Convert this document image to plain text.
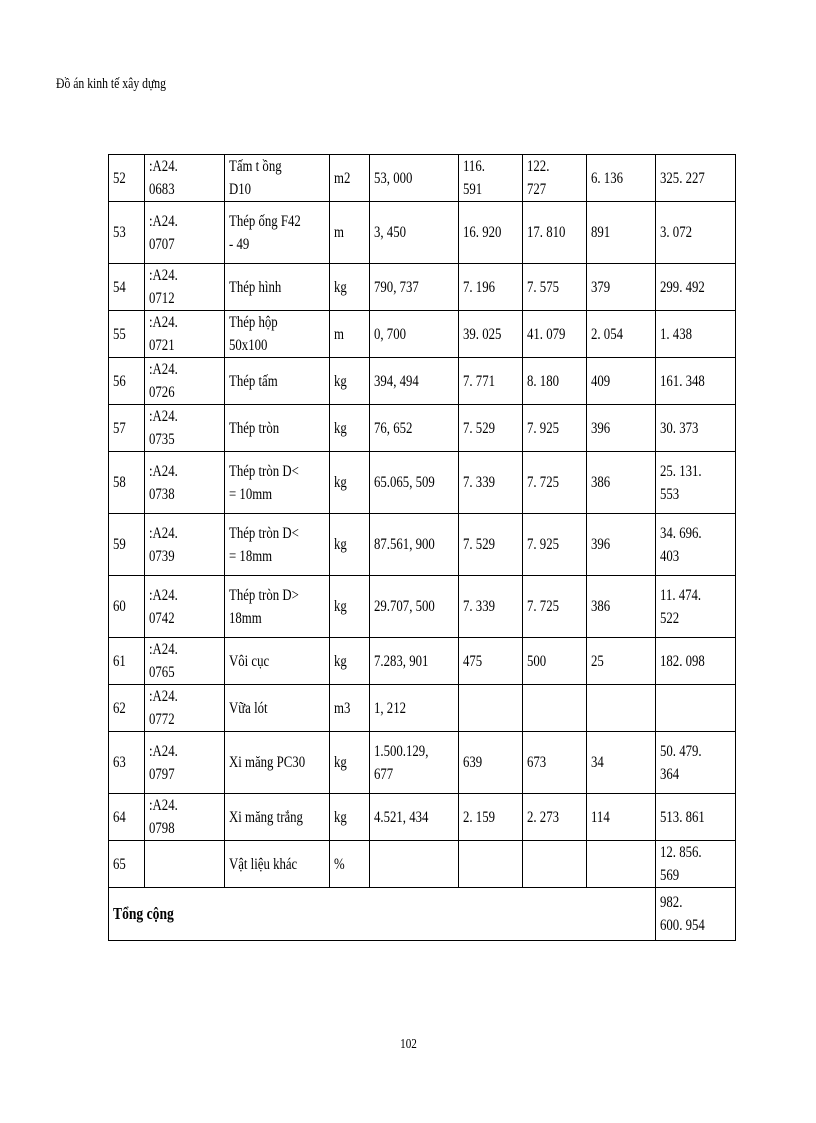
Đồ án kinh tế xây dựng
52	:A24. 0683	Tấm t ồng D10	m2	53, 000	116. 591	122. 727	6. 136	325. 227
53	:A24. 0707	Thép ống F42 - 49	m	3, 450	16. 920	17. 810	891	3. 072
54	:A24. 0712	Thép hình	kg	790, 737	7. 196	7. 575	379	299. 492
55	:A24. 0721	Thép hộp 50x100	m	0, 700	39. 025	41. 079	2. 054	1. 438
56	:A24. 0726	Thép tấm	kg	394, 494	7. 771	8. 180	409	161. 348
57	:A24. 0735	Thép tròn	kg	76, 652	7. 529	7. 925	396	30. 373
58	:A24. 0738	Thép tròn D< = 10mm	kg	65.065, 509	7. 339	7. 725	386	25. 131. 553
59	:A24. 0739	Thép tròn D< = 18mm	kg	87.561, 900	7. 529	7. 925	396	34. 696. 403
60	:A24. 0742	Thép tròn D> 18mm	kg	29.707, 500	7. 339	7. 725	386	11. 474. 522
61	:A24. 0765	Vôi cục	kg	7.283, 901	475	500	25	182. 098
62	:A24. 0772	Vữa lót	m3	1, 212				
63	:A24. 0797	Xi măng PC30	kg	1.500.129, 677	639	673	34	50. 479. 364
64	:A24. 0798	Xi măng trắng	kg	4.521, 434	2. 159	2. 273	114	513. 861
65		Vật liệu khác	%					12. 856. 569
Tổng cộng								982.     600. 954
102
